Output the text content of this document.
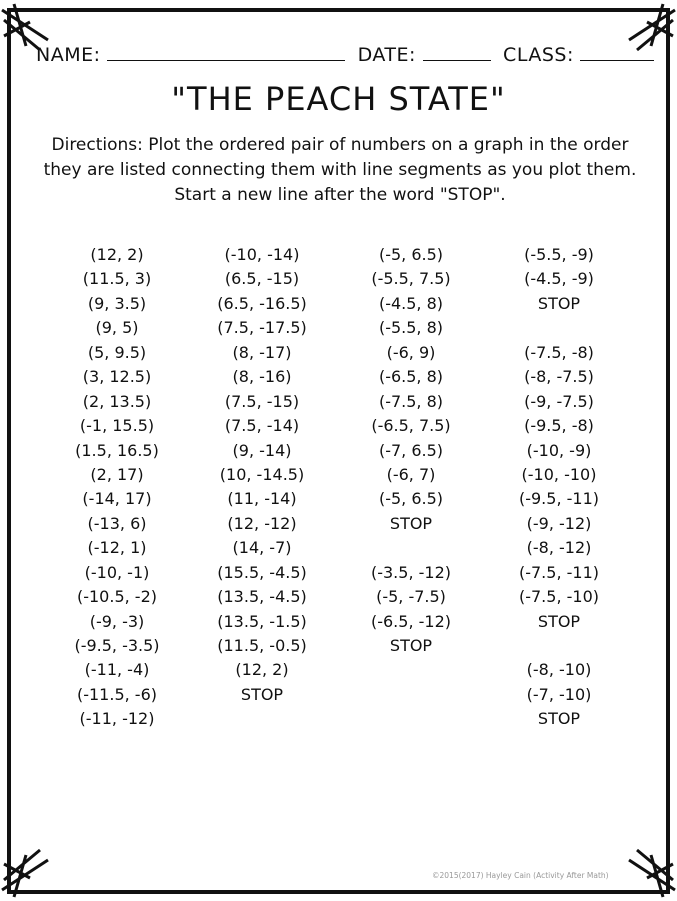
NAME:	DATE:	CLASS:
"THE PEACH STATE"
Directions: Plot the ordered pair of numbers on a graph in the order
they are listed connecting them with line segments as you plot them.
Start a new line after the word "STOP".
(12, 2)
(11.5, 3)
(9, 3.5)
(9, 5)
(5, 9.5)
(3, 12.5)
(2, 13.5)
(-1, 15.5)
(1.5, 16.5)
(2, 17)
(-14, 17)
(-13, 6)
(-12, 1)
(-10, -1)
(-10.5, -2)
(-9, -3)
(-9.5, -3.5)
(-11, -4)
(-11.5, -6)
(-11, -12)
(-10, -14)
(6.5, -15)
(6.5, -16.5)
(7.5, -17.5)
(8, -17)
(8, -16)
(7.5, -15)
(7.5, -14)
(9, -14)
(10, -14.5)
(11, -14)
(12, -12)
(14, -7)
(15.5, -4.5)
(13.5, -4.5)
(13.5, -1.5)
(11.5, -0.5)
(12, 2)
STOP
(-5, 6.5)
(-5.5, 7.5)
(-4.5, 8)
(-5.5, 8)
(-6, 9)
(-6.5, 8)
(-7.5, 8)
(-6.5, 7.5)
(-7, 6.5)
(-6, 7)
(-5, 6.5)
STOP
(-3.5, -12)
(-5, -7.5)
(-6.5, -12)
STOP
(-5.5, -9)
(-4.5, -9)
STOP
(-7.5, -8)
(-8, -7.5)
(-9, -7.5)
(-9.5, -8)
(-10, -9)
(-10, -10)
(-9.5, -11)
(-9, -12)
(-8, -12)
(-7.5, -11)
(-7.5, -10)
STOP
(-8, -10)
(-7, -10)
STOP
©2015(2017) Hayley Cain (Activity After Math)
